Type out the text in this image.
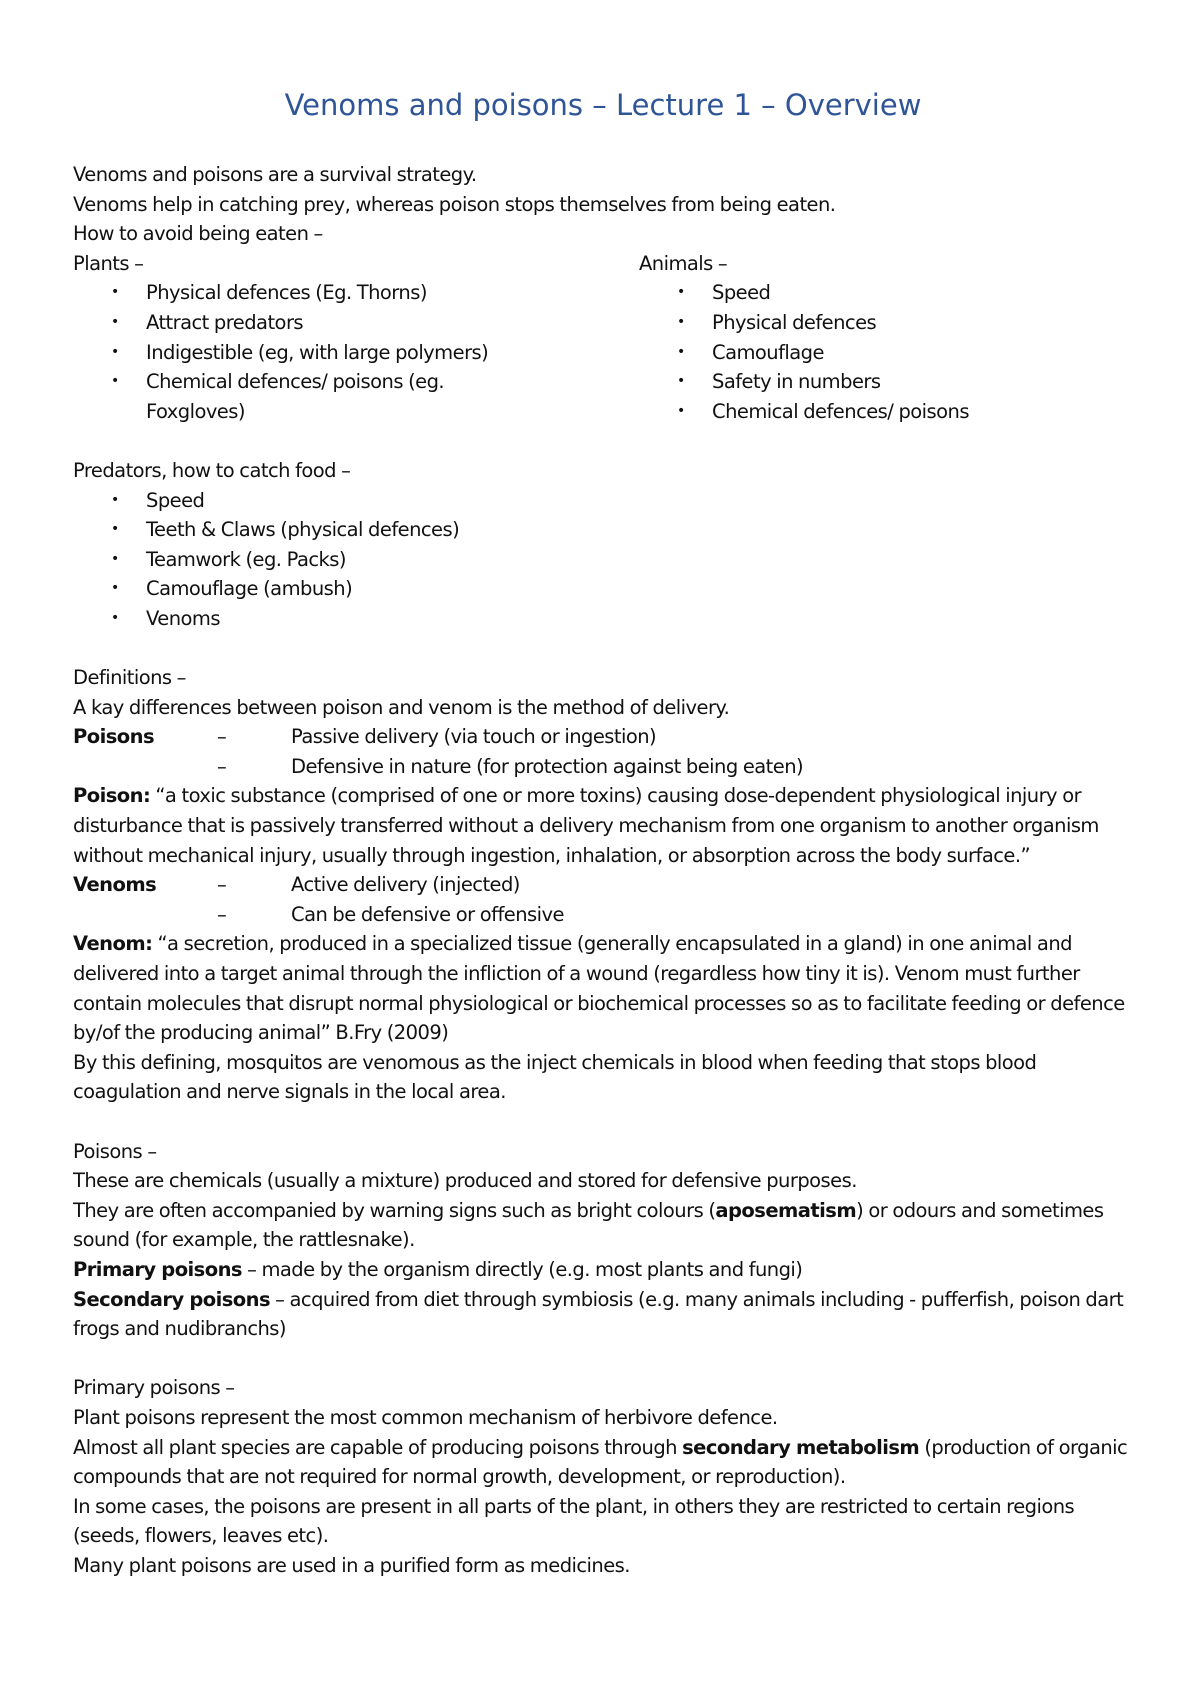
Venoms and poisons – Lecture 1 – Overview

Venoms and poisons are a survival strategy.

Venoms help in catching prey, whereas poison stops themselves from being eaten.

How to avoid being eaten –

Plants –

• Physical defences (Eg. Thorns)
• Attract predators
• Indigestible (eg, with large polymers)
• Chemical defences/ poisons (eg. Foxgloves)

Animals –

• Speed
• Physical defences
• Camouflage
• Safety in numbers
• Chemical defences/ poisons

Predators, how to catch food –

• Speed
• Teeth & Claws (physical defences)
• Teamwork (eg. Packs)
• Camouflage (ambush)
• Venoms

Definitions –

A kay differences between poison and venom is the method of delivery.

Poisons	–	Passive delivery (via touch or ingestion)
–	Defensive in nature (for protection against being eaten)

Poison: “a toxic substance (comprised of one or more toxins) causing dose-dependent physiological injury or disturbance that is passively transferred without a delivery mechanism from one organism to another organism without mechanical injury, usually through ingestion, inhalation, or absorption across the body surface.”

Venoms	–	Active delivery (injected)
–	Can be defensive or offensive

Venom: “a secretion, produced in a specialized tissue (generally encapsulated in a gland) in one animal and delivered into a target animal through the infliction of a wound (regardless how tiny it is). Venom must further contain molecules that disrupt normal physiological or biochemical processes so as to facilitate feeding or defence by/of the producing animal” B.Fry (2009)

By this defining, mosquitos are venomous as the inject chemicals in blood when feeding that stops blood coagulation and nerve signals in the local area.

Poisons –

These are chemicals (usually a mixture) produced and stored for defensive purposes.

They are often accompanied by warning signs such as bright colours (aposematism) or odours and sometimes sound (for example, the rattlesnake).

Primary poisons – made by the organism directly (e.g. most plants and fungi)

Secondary poisons – acquired from diet through symbiosis (e.g. many animals including - pufferfish, poison dart frogs and nudibranchs)

Primary poisons –

Plant poisons represent the most common mechanism of herbivore defence.

Almost all plant species are capable of producing poisons through secondary metabolism (production of organic compounds that are not required for normal growth, development, or reproduction).

In some cases, the poisons are present in all parts of the plant, in others they are restricted to certain regions (seeds, flowers, leaves etc).

Many plant poisons are used in a purified form as medicines.
